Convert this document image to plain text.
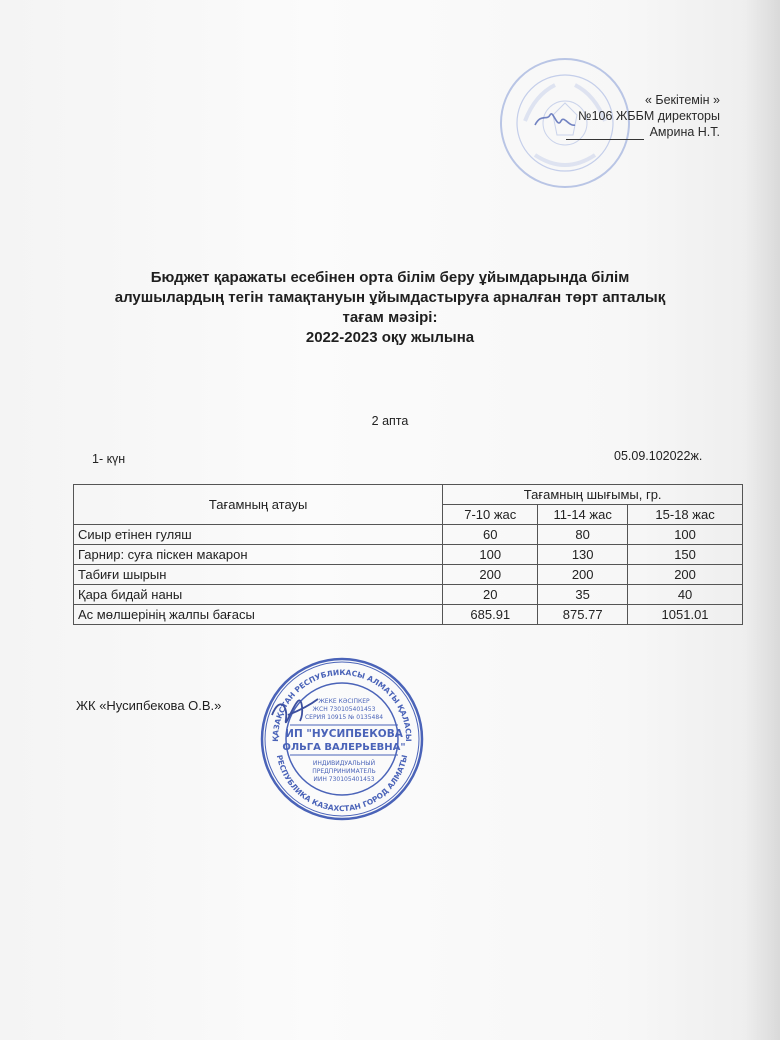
« Бекітемін »
№106 ЖББМ директоры
Амрина Н.Т.
Бюджет қаражаты есебінен орта білім беру ұйымдарында білім
алушылардың тегін тамақтануын ұйымдастыруға арналған төрт апталық
тағам мәзірі:
2022-2023 оқу жылына
2 апта
1- күн	05.09.102022ж.
Тағамның атауы	Тағамның шығымы, гр.		
	7-10 жас	11-14 жас	15-18 жас
Сиыр етінен гуляш	60	80	100
Гарнир: суға піскен макарон	100	130	150
Табиғи шырын	200	200	200
Қара бидай наны	20	35	40
Ас мөлшерінің жалпы бағасы	685.91	875.77	1051.01
ЖК «Нусипбекова О.В.»
ҚАЗАҚСТАН РЕСПУБЛИКАСЫ АЛМАТЫ ҚАЛАСЫ
РЕСПУБЛИКА КАЗАХСТАН ГОРОД АЛМАТЫ
ЖЕКЕ КӘСІПКЕР
ЖСН 730105401453
СЕРИЯ 10915 № 0135484
ИП "НУСИПБЕКОВА
ОЛЬГА ВАЛЕРЬЕВНА"
ИНДИВИДУАЛЬНЫЙ
ПРЕДПРИНИМАТЕЛЬ
ИИН 730105401453
